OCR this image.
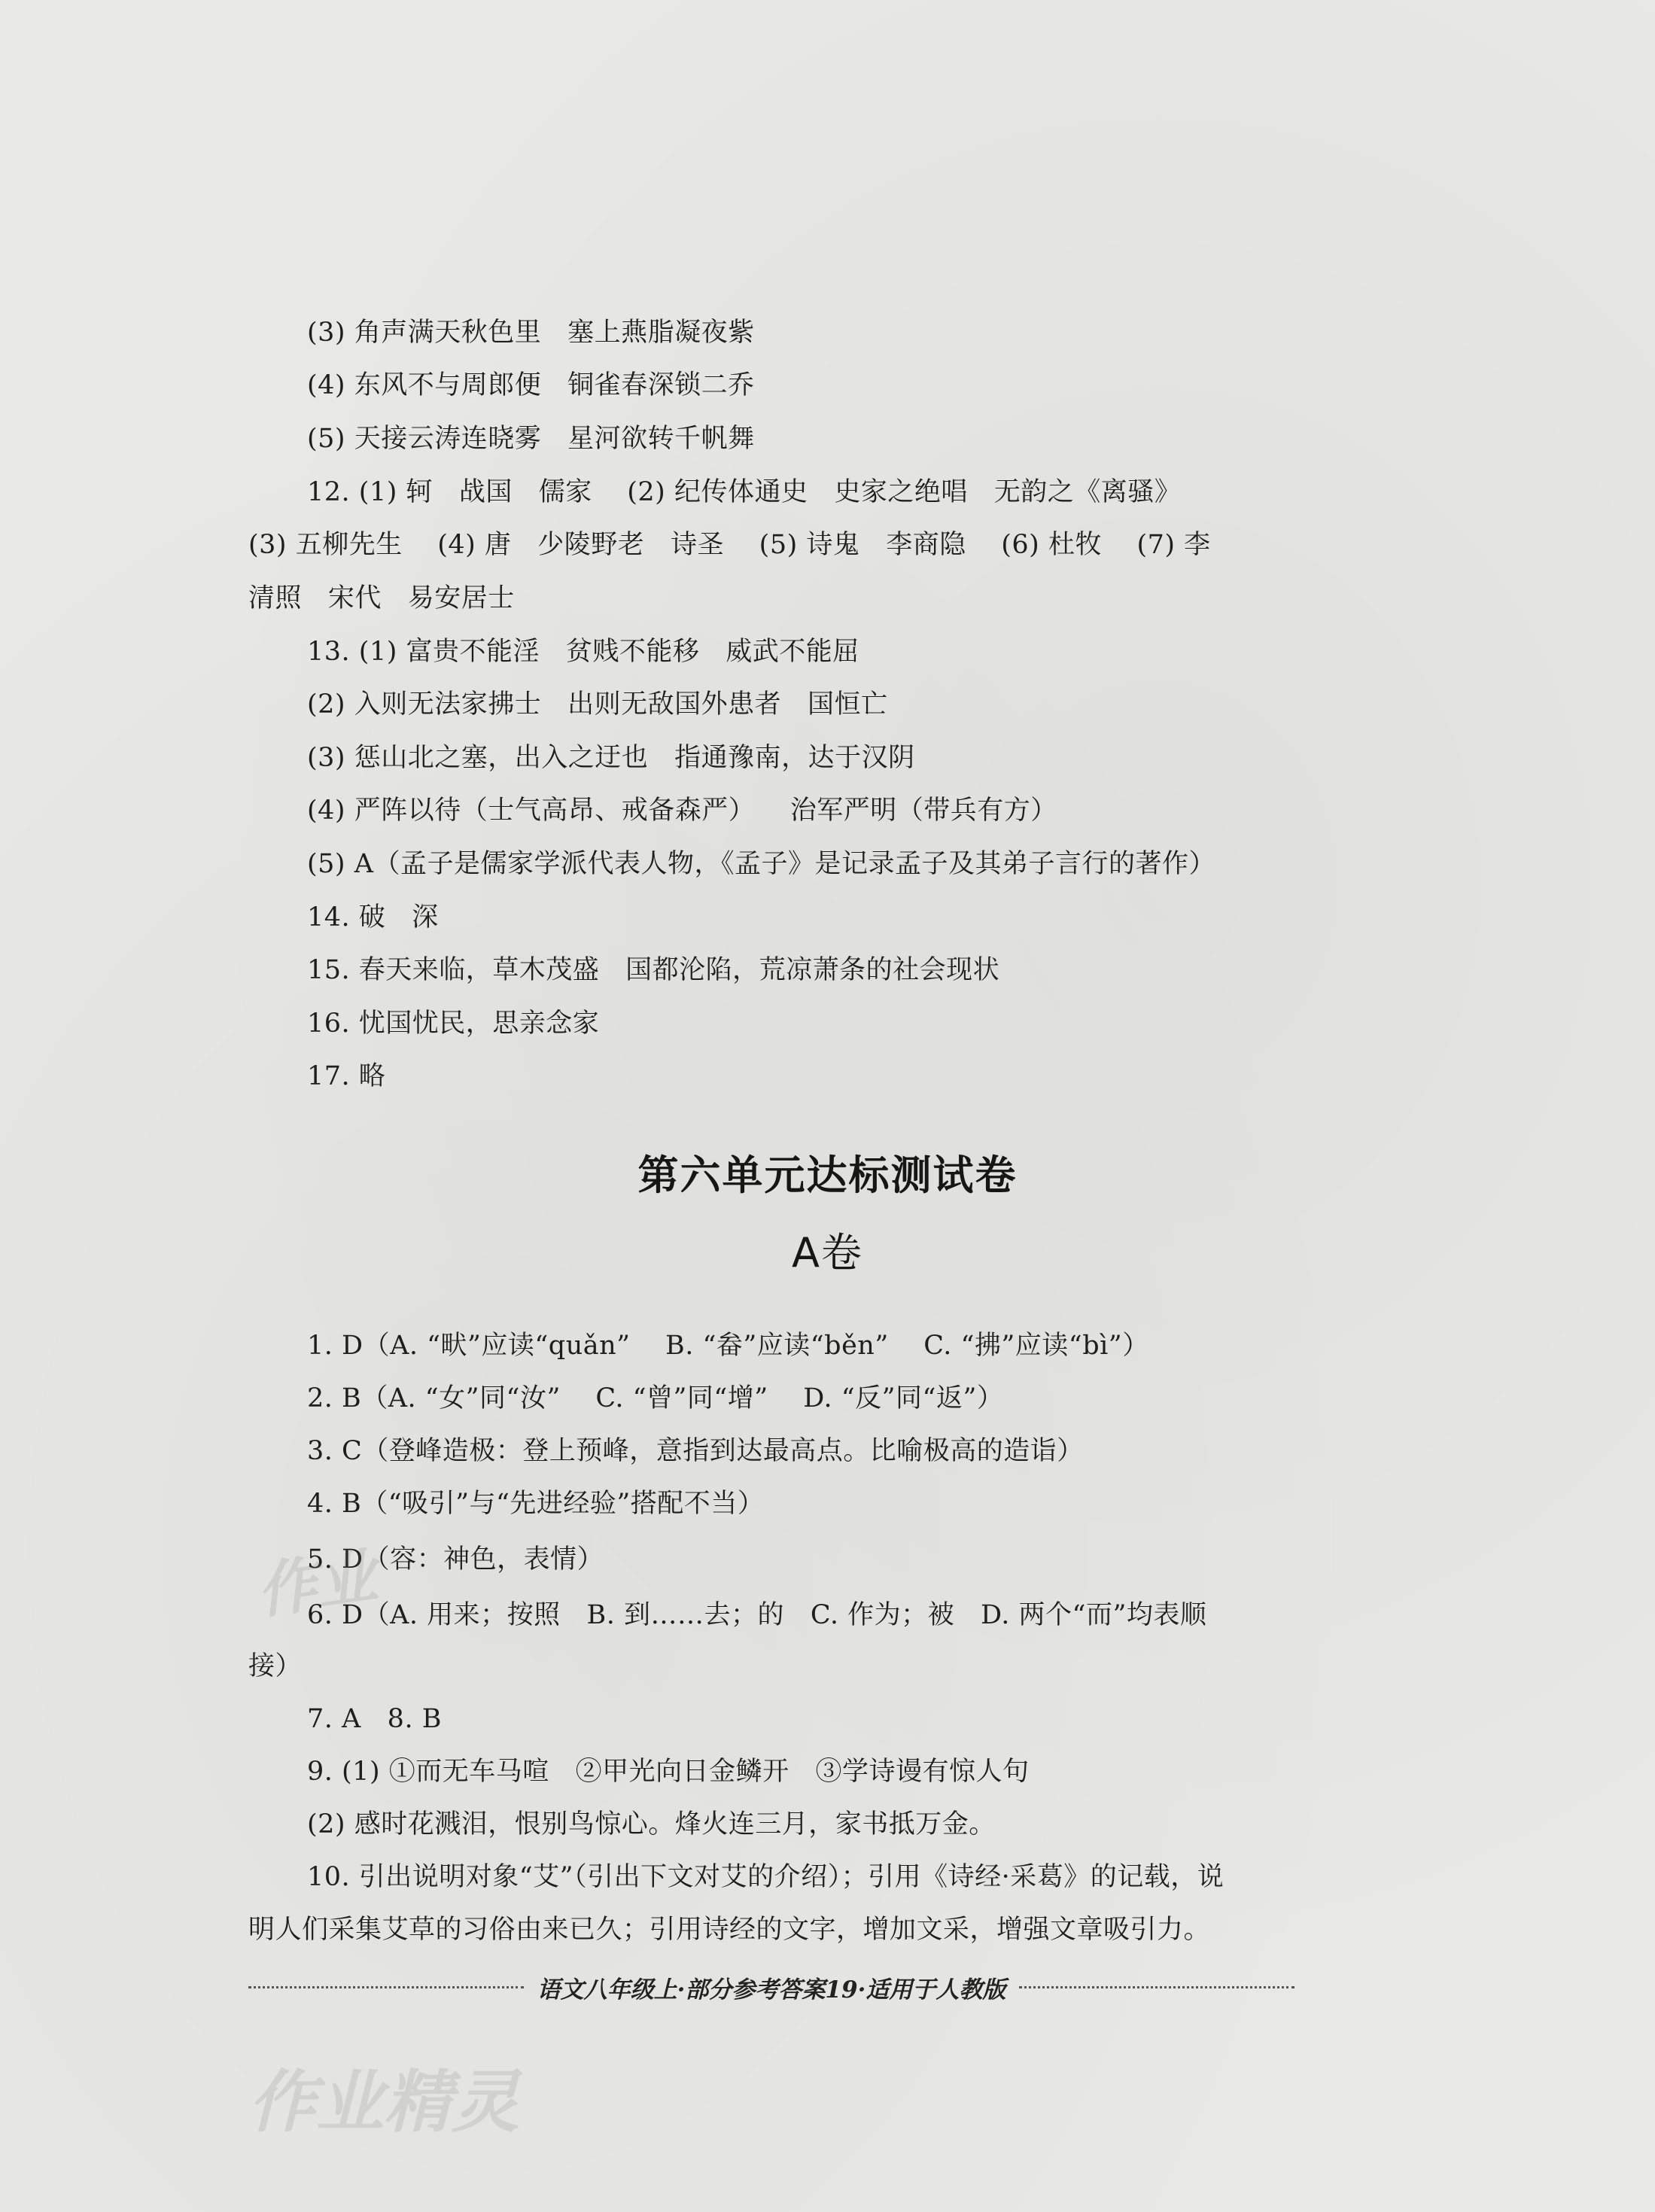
(3) 角声满天秋色里   塞上燕脂凝夜紫
(4) 东风不与周郎便   铜雀春深锁二乔
(5) 天接云涛连晓雾   星河欲转千帆舞
12. (1) 轲   战国   儒家    (2) 纪传体通史   史家之绝唱   无韵之《离骚》
(3) 五柳先生    (4) 唐   少陵野老   诗圣    (5) 诗鬼   李商隐    (6) 杜牧    (7) 李
清照   宋代   易安居士
13. (1) 富贵不能淫   贫贱不能移   威武不能屈
(2) 入则无法家拂士   出则无敌国外患者   国恒亡
(3) 惩山北之塞，出入之迂也   指通豫南，达于汉阴
(4) 严阵以待（士气高昂、戒备森严）    治军严明（带兵有方）
(5) A（孟子是儒家学派代表人物，《孟子》是记录孟子及其弟子言行的著作）
14. 破   深
15. 春天来临，草木茂盛   国都沦陷，荒凉萧条的社会现状
16. 忧国忧民，思亲念家
17. 略
第六单元达标测试卷
A卷
1. D（A. “畎”应读“quǎn”    B. “畚”应读“běn”    C. “拂”应读“bì”）
2. B（A. “女”同“汝”    C. “曾”同“增”    D. “反”同“返”）
3. C（登峰造极：登上预峰，意指到达最高点。比喻极高的造诣）
4. B（“吸引”与“先进经验”搭配不当）
5. D（容：神色，表情）
6. D（A. 用来；按照   B. 到……去；的   C. 作为；被   D. 两个“而”均表顺
接）
7. A   8. B
9. (1) ①而无车马喧   ②甲光向日金鳞开   ③学诗谩有惊人句
(2) 感时花溅泪，恨别鸟惊心。烽火连三月，家书抵万金。
10. 引出说明对象“艾”（引出下文对艾的介绍）；引用《诗经·采葛》的记载，说
明人们采集艾草的习俗由来已久；引用诗经的文字，增加文采，增强文章吸引力。
语文八年级上·部分参考答案19·适用于人教版
作业
作业精灵
